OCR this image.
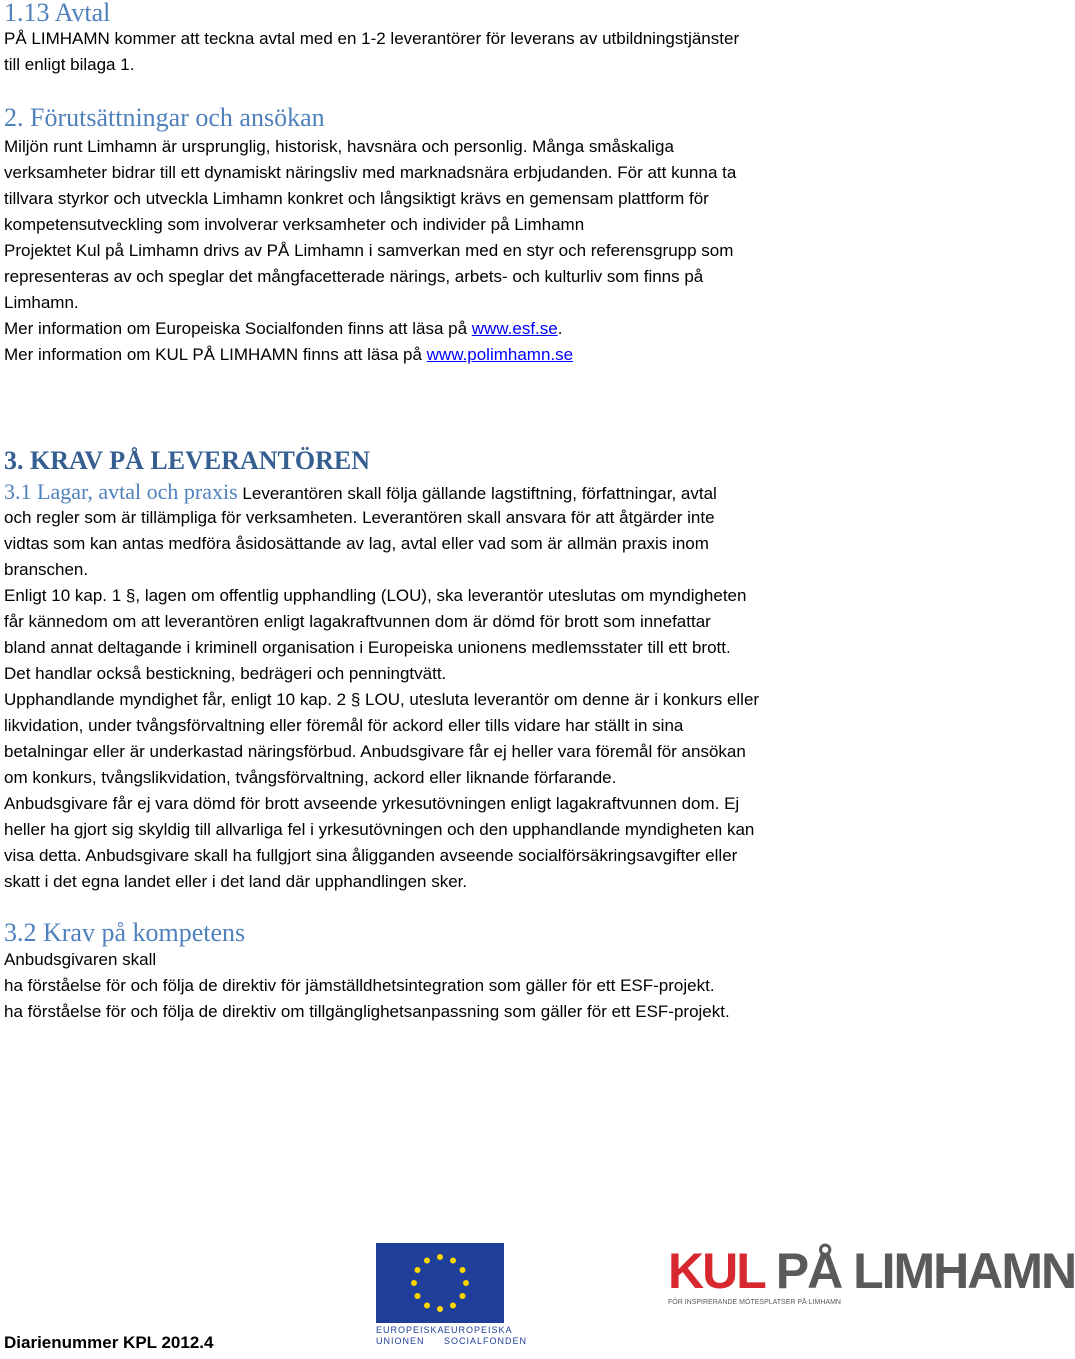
1.13 Avtal
PÅ LIMHAMN kommer att teckna avtal med en 1-2 leverantörer för leverans av utbildningstjänster
till enligt bilaga 1.
2. Förutsättningar och ansökan
Miljön runt Limhamn är ursprunglig, historisk, havsnära och personlig. Många småskaliga
verksamheter bidrar till ett dynamiskt näringsliv med marknadsnära erbjudanden. För att kunna ta
tillvara styrkor och utveckla Limhamn konkret och långsiktigt krävs en gemensam plattform för
kompetensutveckling som involverar verksamheter och individer på Limhamn
Projektet Kul på Limhamn drivs av PÅ Limhamn i samverkan med en styr och referensgrupp som
representeras av och speglar det mångfacetterade närings, arbets- och kulturliv som finns på
Limhamn.
Mer information om Europeiska Socialfonden finns att läsa på www.esf.se.
Mer information om KUL PÅ LIMHAMN finns att läsa på www.polimhamn.se
3. KRAV PÅ LEVERANTÖREN
3.1 Lagar, avtal och praxis Leverantören skall följa gällande lagstiftning, författningar, avtal
och regler som är tillämpliga för verksamheten. Leverantören skall ansvara för att åtgärder inte
vidtas som kan antas medföra åsidosättande av lag, avtal eller vad som är allmän praxis inom
branschen.
Enligt 10 kap. 1 §, lagen om offentlig upphandling (LOU), ska leverantör uteslutas om myndigheten
får kännedom om att leverantören enligt lagakraftvunnen dom är dömd för brott som innefattar
bland annat deltagande i kriminell organisation i Europeiska unionens medlemsstater till ett brott.
Det handlar också bestickning, bedrägeri och penningtvätt.
Upphandlande myndighet får, enligt 10 kap. 2 § LOU, utesluta leverantör om denne är i konkurs eller
likvidation, under tvångsförvaltning eller föremål för ackord eller tills vidare har ställt in sina
betalningar eller är underkastad näringsförbud. Anbudsgivare får ej heller vara föremål för ansökan
om konkurs, tvångslikvidation, tvångsförvaltning, ackord eller liknande förfarande.
Anbudsgivare får ej vara dömd för brott avseende yrkesutövningen enligt lagakraftvunnen dom. Ej
heller ha gjort sig skyldig till allvarliga fel i yrkesutövningen och den upphandlande myndigheten kan
visa detta. Anbudsgivare skall ha fullgjort sina åligganden avseende socialförsäkringsavgifter eller
skatt i det egna landet eller i det land där upphandlingen sker.
3.2 Krav på kompetens
Anbudsgivaren skall
ha förståelse för och följa de direktiv för jämställdhetsintegration som gäller för ett ESF-projekt.
ha förståelse för och följa de direktiv om tillgänglighetsanpassning som gäller för ett ESF-projekt.
EUROPEISKA UNIONEN
EUROPEISKA SOCIALFONDEN
KUL PÅ LIMHAMN
FÖR INSPIRERANDE MÖTESPLATSER PÅ LIMHAMN
Diarienummer KPL 2012.4
